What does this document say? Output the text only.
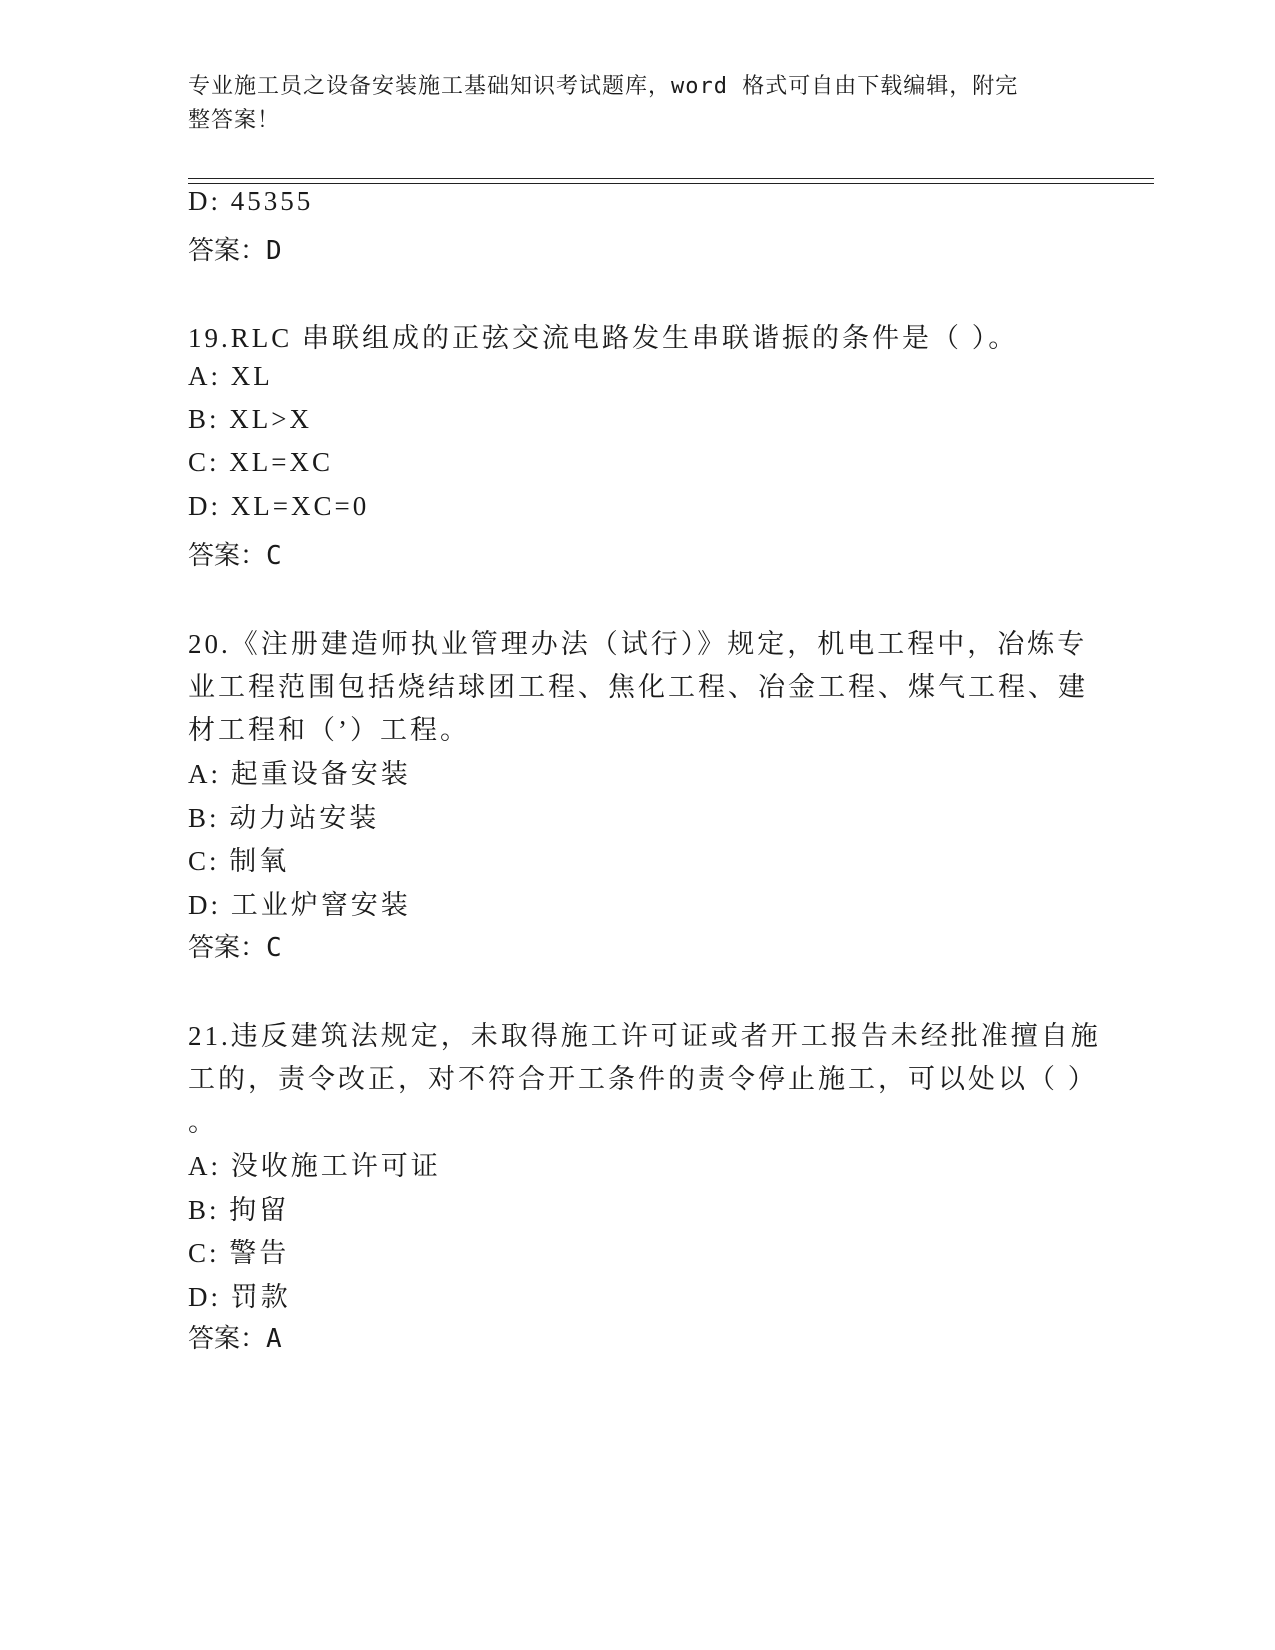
专业施工员之设备安装施工基础知识考试题库，word 格式可自由下载编辑，附完
整答案！
D: 45355
答案：D
19.RLC 串联组成的正弦交流电路发生串联谐振的条件是（ ）。
A: XL
B: XL>X
C: XL=XC
D: XL=XC=0
答案：C
20.《注册建造师执业管理办法（试行）》规定，机电工程中，冶炼专
业工程范围包括烧结球团工程、焦化工程、冶金工程、煤气工程、建
材工程和（’）工程。
A: 起重设备安装
B: 动力站安装
C: 制氧
D: 工业炉窨安装
答案：C
21.违反建筑法规定，未取得施工许可证或者开工报告未经批准擅自施
工的，责令改正，对不符合开工条件的责令停止施工，可以处以（ ）
。
A: 没收施工许可证
B: 拘留
C: 警告
D: 罚款
答案：A
